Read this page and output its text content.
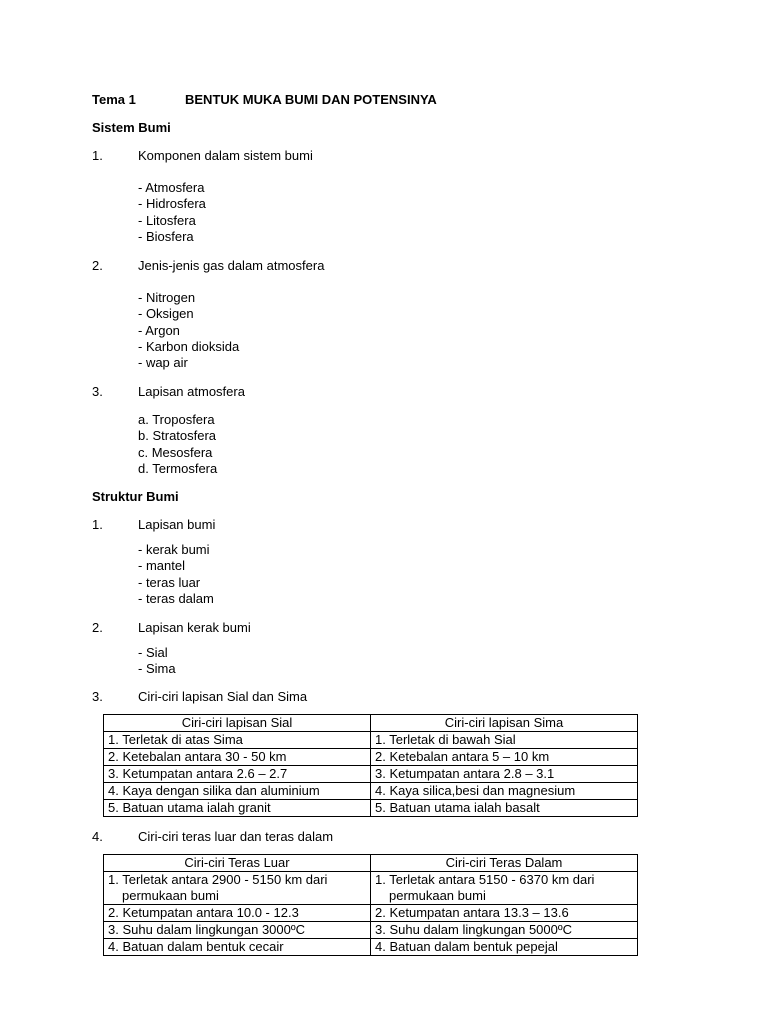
Tema 1	BENTUK MUKA BUMI DAN POTENSINYA
Sistem Bumi
1.	Komponen dalam sistem bumi
- Atmosfera
- Hidrosfera
- Litosfera
- Biosfera
2.	Jenis-jenis gas dalam atmosfera
- Nitrogen
- Oksigen
- Argon
- Karbon dioksida
- wap air
3.	Lapisan atmosfera
a. Troposfera
b. Stratosfera
c. Mesosfera
d. Termosfera
Struktur Bumi
1.	Lapisan bumi
- kerak bumi
- mantel
- teras luar
- teras dalam
2.	Lapisan kerak bumi
- Sial
- Sima
3.	Ciri-ciri lapisan Sial dan Sima
Ciri-ciri lapisan Sial	Ciri-ciri lapisan Sima
1. Terletak di atas Sima	1. Terletak di bawah Sial
2. Ketebalan antara 30 - 50 km	2. Ketebalan antara 5 – 10 km
3. Ketumpatan antara 2.6 – 2.7	3. Ketumpatan antara 2.8 – 3.1
4. Kaya dengan silika dan aluminium	4. Kaya silica,besi dan magnesium
5. Batuan utama ialah granit	5. Batuan utama ialah basalt
4.	Ciri-ciri teras luar dan teras dalam
Ciri-ciri Teras Luar	Ciri-ciri Teras Dalam

1. Terletak antara 2900 - 5150 km dari permukaan bumi	1. Terletak antara 5150 - 6370 km dari permukaan bumi

2. Ketumpatan antara 10.0 - 12.3	2. Ketumpatan antara 13.3 – 13.6
3. Suhu dalam lingkungan 3000ºC	3. Suhu dalam lingkungan 5000ºC
4. Batuan dalam bentuk cecair	4. Batuan dalam bentuk pepejal
